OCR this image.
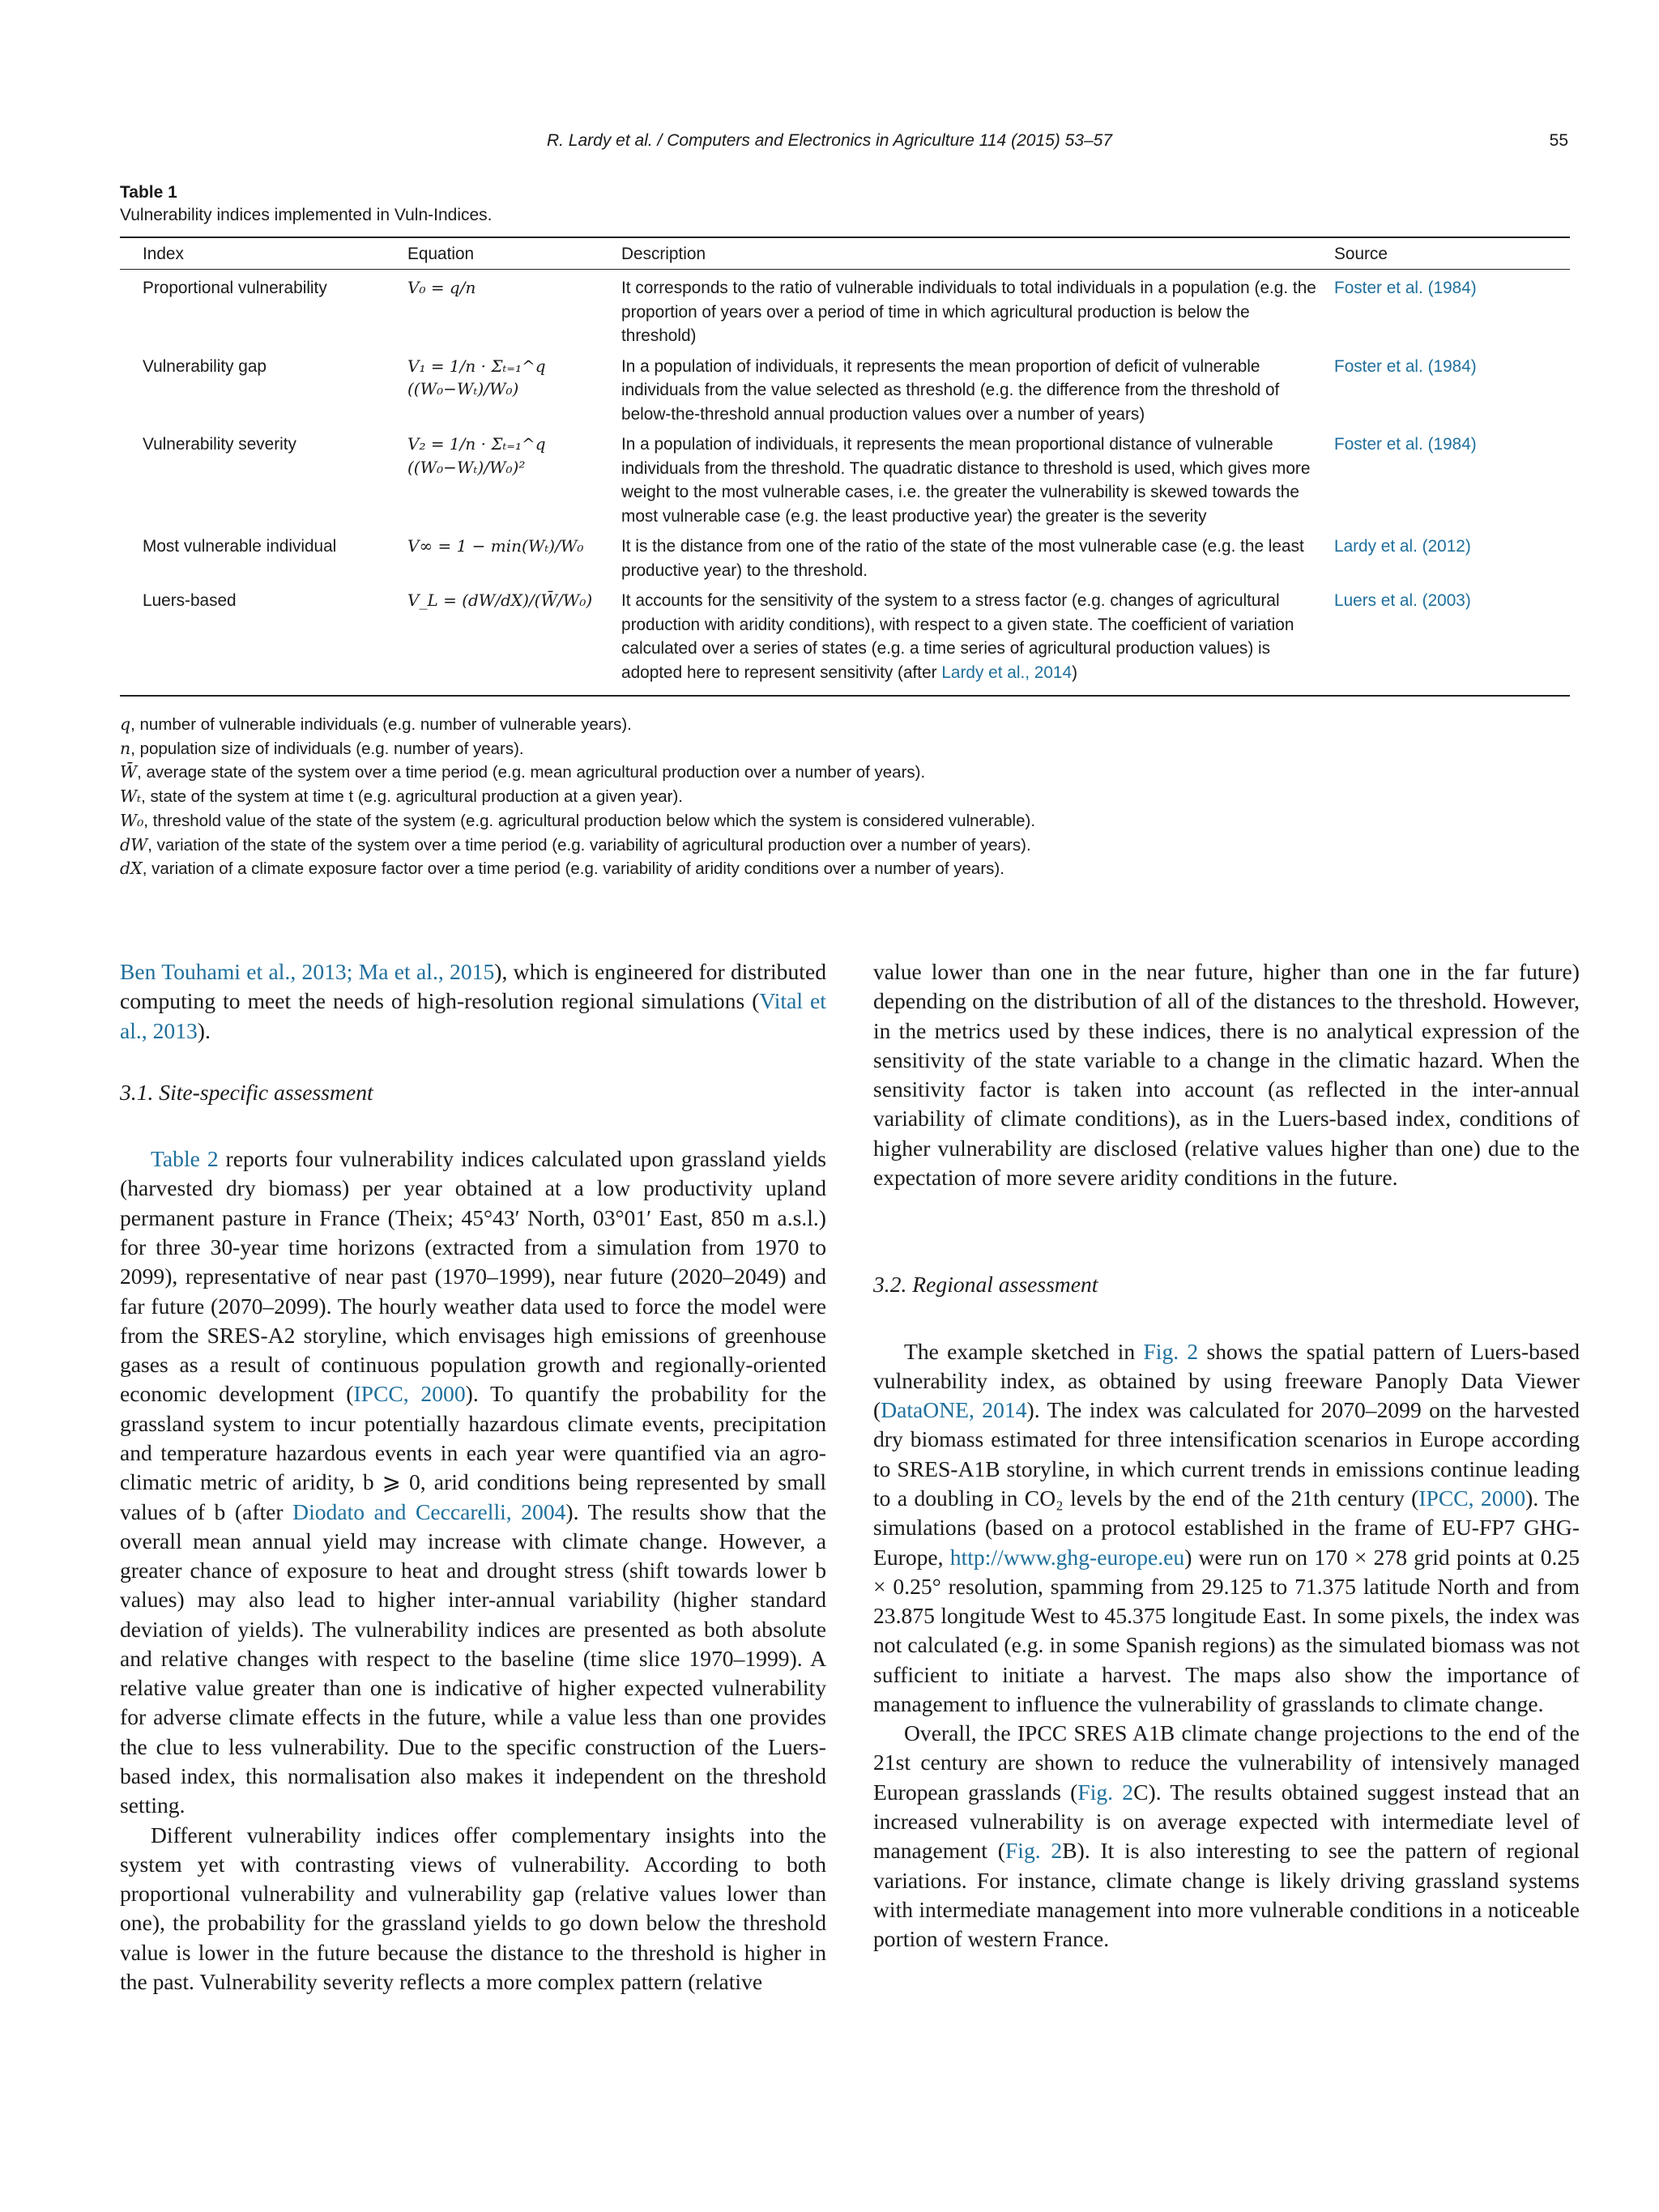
R. Lardy et al. / Computers and Electronics in Agriculture 114 (2015) 53–57	55
Table 1
Vulnerability indices implemented in Vuln-Indices.
Index	Equation	Description	Source
Proportional vulnerability	V₀ = q/n	It corresponds to the ratio of vulnerable individuals to total individuals in a population (e.g. the proportion of years over a period of time in which agricultural production is below the threshold)	Foster et al. (1984)
Vulnerability gap	V₁ = 1/n · Σₜ₌₁^q ((W₀−Wₜ)/W₀)	In a population of individuals, it represents the mean proportion of deficit of vulnerable individuals from the value selected as threshold (e.g. the difference from the threshold of below-the-threshold annual production values over a number of years)	Foster et al. (1984)
Vulnerability severity	V₂ = 1/n · Σₜ₌₁^q ((W₀−Wₜ)/W₀)²	In a population of individuals, it represents the mean proportional distance of vulnerable individuals from the threshold. The quadratic distance to threshold is used, which gives more weight to the most vulnerable cases, i.e. the greater the vulnerability is skewed towards the most vulnerable case (e.g. the least productive year) the greater is the severity	Foster et al. (1984)
Most vulnerable individual	V∞ = 1 − min(Wₜ)/W₀	It is the distance from one of the ratio of the state of the most vulnerable case (e.g. the least productive year) to the threshold.	Lardy et al. (2012)
Luers-based	V_L = (dW/dX)/(W̄/W₀)	It accounts for the sensitivity of the system to a stress factor (e.g. changes of agricultural production with aridity conditions), with respect to a given state. The coefficient of variation calculated over a series of states (e.g. a time series of agricultural production values) is adopted here to represent sensitivity (after Lardy et al., 2014)	Luers et al. (2003)
q, number of vulnerable individuals (e.g. number of vulnerable years).
n, population size of individuals (e.g. number of years).
W̄, average state of the system over a time period (e.g. mean agricultural production over a number of years).
Wₜ, state of the system at time t (e.g. agricultural production at a given year).
W₀, threshold value of the state of the system (e.g. agricultural production below which the system is considered vulnerable).
dW, variation of the state of the system over a time period (e.g. variability of agricultural production over a number of years).
dX, variation of a climate exposure factor over a time period (e.g. variability of aridity conditions over a number of years).

Ben Touhami et al., 2013; Ma et al., 2015), which is engineered for distributed computing to meet the needs of high-resolution regional simulations (Vital et al., 2013).

3.1. Site-specific assessment

Table 2 reports four vulnerability indices calculated upon grassland yields (harvested dry biomass) per year obtained at a low productivity upland permanent pasture in France (Theix; 45°43′ North, 03°01′ East, 850 m a.s.l.) for three 30-year time horizons (extracted from a simulation from 1970 to 2099), representative of near past (1970–1999), near future (2020–2049) and far future (2070–2099). The hourly weather data used to force the model were from the SRES-A2 storyline, which envisages high emissions of greenhouse gases as a result of continuous population growth and regionally-oriented economic development (IPCC, 2000). To quantify the probability for the grassland system to incur potentially hazardous climate events, precipitation and temperature hazardous events in each year were quantified via an agro-climatic metric of aridity, b ⩾ 0, arid conditions being represented by small values of b (after Diodato and Ceccarelli, 2004). The results show that the overall mean annual yield may increase with climate change. However, a greater chance of exposure to heat and drought stress (shift towards lower b values) may also lead to higher inter-annual variability (higher standard deviation of yields). The vulnerability indices are presented as both absolute and relative changes with respect to the baseline (time slice 1970–1999). A relative value greater than one is indicative of higher expected vulnerability for adverse climate effects in the future, while a value less than one provides the clue to less vulnerability. Due to the specific construction of the Luers-based index, this normalisation also makes it independent on the threshold setting.

Different vulnerability indices offer complementary insights into the system yet with contrasting views of vulnerability. According to both proportional vulnerability and vulnerability gap (relative values lower than one), the probability for the grassland yields to go down below the threshold value is lower in the future because the distance to the threshold is higher in the past. Vulnerability severity reflects a more complex pattern (relative

value lower than one in the near future, higher than one in the far future) depending on the distribution of all of the distances to the threshold. However, in the metrics used by these indices, there is no analytical expression of the sensitivity of the state variable to a change in the climatic hazard. When the sensitivity factor is taken into account (as reflected in the inter-annual variability of climate conditions), as in the Luers-based index, conditions of higher vulnerability are disclosed (relative values higher than one) due to the expectation of more severe aridity conditions in the future.

3.2. Regional assessment

The example sketched in Fig. 2 shows the spatial pattern of Luers-based vulnerability index, as obtained by using freeware Panoply Data Viewer (DataONE, 2014). The index was calculated for 2070–2099 on the harvested dry biomass estimated for three intensification scenarios in Europe according to SRES-A1B storyline, in which current trends in emissions continue leading to a doubling in CO₂ levels by the end of the 21th century (IPCC, 2000). The simulations (based on a protocol established in the frame of EU-FP7 GHG-Europe, http://www.ghg-europe.eu) were run on 170 × 278 grid points at 0.25 × 0.25° resolution, spamming from 29.125 to 71.375 latitude North and from 23.875 longitude West to 45.375 longitude East. In some pixels, the index was not calculated (e.g. in some Spanish regions) as the simulated biomass was not sufficient to initiate a harvest. The maps also show the importance of management to influence the vulnerability of grasslands to climate change.

Overall, the IPCC SRES A1B climate change projections to the end of the 21st century are shown to reduce the vulnerability of intensively managed European grasslands (Fig. 2C). The results obtained suggest instead that an increased vulnerability is on average expected with intermediate level of management (Fig. 2B). It is also interesting to see the pattern of regional variations. For instance, climate change is likely driving grassland systems with intermediate management into more vulnerable conditions in a noticeable portion of western France.
